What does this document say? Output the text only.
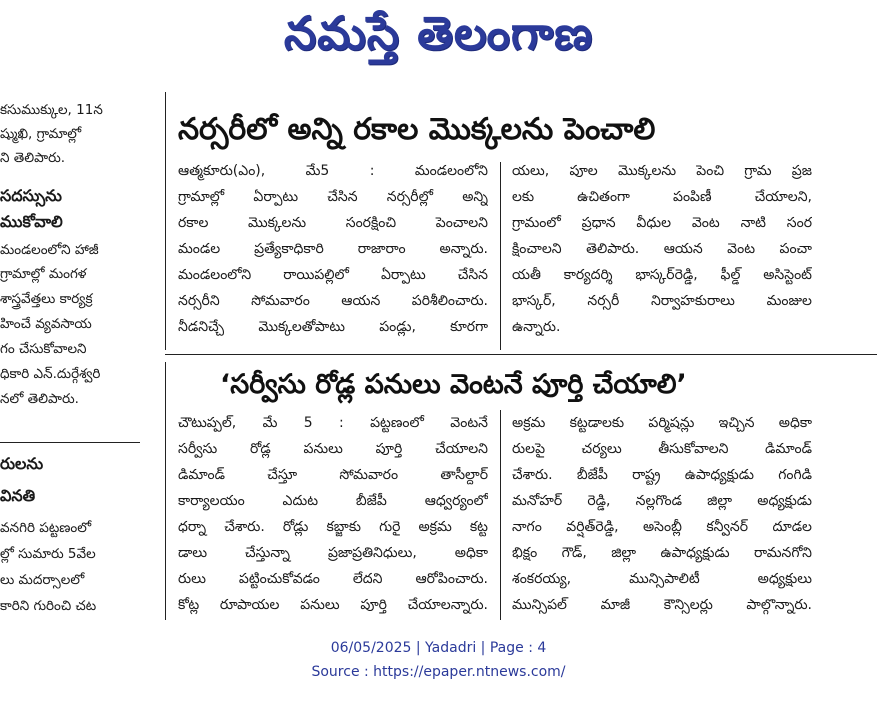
నమస్తే తెలంగాణ
కసుముక్కుల, 11న
ష్ముఖి, గ్రామాల్లో
ని తెలిపారు.
సదస్సును
ముకోవాలి
మండలంలోని హాజీ
గ్రామాల్లో మంగళ
శాస్త్రవేత్తలు కార్యక్ర
హించే వ్యవసాయ
గం చేసుకోవాలని
ధికారి ఎన్.దుర్గేశ్వరి
నలో తెలిపారు.
రులను
వినతి
వనగిరి పట్టణంలో
ల్లో సుమారు 5వేల
లు మదర్సాలలో
కారిని గురించి చట
నర్సరీలో అన్ని రకాల మొక్కలను పెంచాలి
ఆత్మకూరు(ఎం), మే5 : మండలంలోని
గ్రామాల్లో ఏర్పాటు చేసిన నర్సరీల్లో అన్ని
రకాల మొక్కలను సంరక్షించి పెంచాలని
మండల ప్రత్యేకాధికారి రాజారాం అన్నారు.
మండలంలోని రాయిపల్లిలో ఏర్పాటు చేసిన
నర్సరీని సోమవారం ఆయన పరిశీలించారు.
నీడనిచ్చే మొక్కలతోపాటు పండ్లు, కూరగా
యలు, పూల మొక్కలను పెంచి గ్రామ ప్రజ
లకు ఉచితంగా పంపిణీ చేయాలని,
గ్రామంలో ప్రధాన వీధుల వెంట నాటి సంర
క్షించాలని తెలిపారు. ఆయన వెంట పంచా
యతీ కార్యదర్శి భాస్కర్‌రెడ్డి, ఫీల్డ్ అసిస్టెంట్
భాస్కర్, నర్సరీ నిర్వాహకురాలు మంజుల
ఉన్నారు.
‘సర్వీసు రోడ్ల పనులు వెంటనే పూర్తి చేయాలి’
చౌటుప్పల్, మే 5 : పట్టణంలో వెంటనే
సర్వీసు రోడ్ల పనులు పూర్తి చేయాలని
డిమాండ్ చేస్తూ సోమవారం తాసీల్దార్
కార్యాలయం ఎదుట బీజేపీ ఆధ్వర్యంలో
ధర్నా చేశారు. రోడ్లు కబ్జాకు గురై అక్రమ కట్ట
డాలు చేస్తున్నా ప్రజాప్రతినిధులు, అధికా
రులు పట్టించుకోవడం లేదని ఆరోపించారు.
కోట్ల రూపాయల పనులు పూర్తి చేయాలన్నారు.
అక్రమ కట్టడాలకు పర్మిషన్లు ఇచ్చిన అధికా
రులపై చర్యలు తీసుకోవాలని డిమాండ్
చేశారు. బీజేపీ రాష్ట్ర ఉపాధ్యక్షుడు గంగిడి
మనోహర్ రెడ్డి, నల్లగొండ జిల్లా అధ్యక్షుడు
నాగం వర్షిత్‌రెడ్డి, అసెంబ్లీ కన్వీనర్ దూడల
భిక్షం గౌడ్, జిల్లా ఉపాధ్యక్షుడు రామనగోని
శంకరయ్య, మున్సిపాలిటీ అధ్యక్షులు
మున్సిపల్ మాజీ కౌన్సిలర్లు పాల్గొన్నారు.
06/05/2025 | Yadadri | Page : 4
Source : https://epaper.ntnews.com/
